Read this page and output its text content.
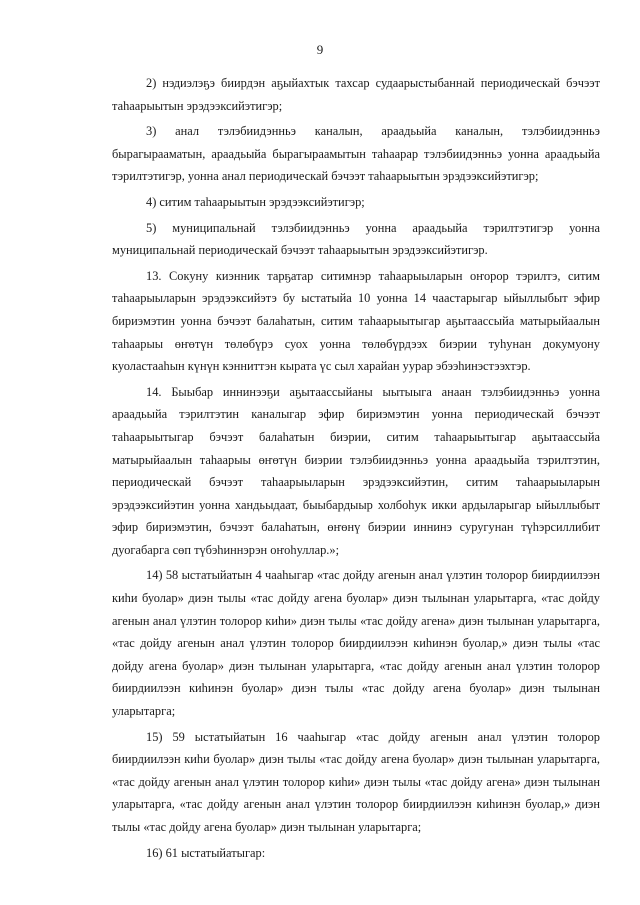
9

2) нэдиэлэҕэ биирдэн аҕыйахтык тахсар судаарыстыбаннай периодическай бэчээт таһаарыытын эрэдээксийэтигэр;

3) анал тэлэбиидэнньэ каналын, араадьыйа каналын, тэлэбиидэнньэ бырагырааматын, араадьыйа бырагыраамытын таһаарар тэлэбиидэнньэ уонна араадьыйа тэрилтэтигэр, уонна анал периодическай бэчээт таһаарыытын эрэдээксийэтигэр;

4) ситим таһаарыытын эрэдээксийэтигэр;

5) муниципальнай тэлэбиидэнньэ уонна араадьыйа тэрилтэтигэр уонна муниципальнай периодическай бэчээт таһаарыытын эрэдээксийэтигэр.

13. Сокуну киэнник тарҕатар ситимнэр таһаарыыларын оҥорор тэрилтэ, ситим таһаарыыларын эрэдээксийэтэ бу ыстатыйа 10 уонна 14 чаастарыгар ыйыллыбыт эфир бириэмэтин уонна бэчээт балаһатын, ситим таһаарыытыгар аҕытаассыйа матырыйаалын таһаарыы өҥөтүн төлөбүрэ суох уонна төлөбүрдээх биэрии туһунан докумуону куоластааһын күнүн кэнниттэн кырата үс сыл харайан уурар эбээһинэстээхтэр.

14. Быыбар иннинээҕи аҕытаассыйаны ыытыыга анаан тэлэбиидэнньэ уонна араадьыйа тэрилтэтин каналыгар эфир бириэмэтин уонна периодическай бэчээт таһаарыытыгар бэчээт балаһатын биэрии, ситим таһаарыытыгар аҕытаассыйа матырыйаалын таһаарыы өҥөтүн биэрии тэлэбиидэнньэ уонна араадьыйа тэрилтэтин, периодическай бэчээт таһаарыыларын эрэдээксийэтин, ситим таһаарыыларын эрэдээксийэтин уонна хандьыдаат, быыбардыыр холбоһук икки ардыларыгар ыйыллыбыт эфир бириэмэтин, бэчээт балаһатын, өҥөнү биэрии иннинэ суругунан түһэрсиллибит дуогабарга сөп түбэһиннэрэн оҥоһуллар.»;

14) 58 ыстатыйатын 4 чааһыгар «тас дойду агенын анал үлэтин толорор биирдиилээн киһи буолар» диэн тылы «тас дойду агена буолар» диэн тылынан уларытарга, «тас дойду агенын анал үлэтин толорор киһи» диэн тылы «тас дойду агена» диэн тылынан уларытарга, «тас дойду агенын анал үлэтин толорор биирдиилээн киһинэн буолар,» диэн тылы «тас дойду агена буолар» диэн тылынан уларытарга, «тас дойду агенын анал үлэтин толорор биирдиилээн киһинэн буолар» диэн тылы «тас дойду агена буолар» диэн тылынан уларытарга;

15) 59 ыстатыйатын 16 чааһыгар «тас дойду агенын анал үлэтин толорор биирдиилээн киһи буолар» диэн тылы «тас дойду агена буолар» диэн тылынан уларытарга, «тас дойду агенын анал үлэтин толорор киһи» диэн тылы «тас дойду агена» диэн тылынан уларытарга, «тас дойду агенын анал үлэтин толорор биирдиилээн киһинэн буолар,» диэн тылы «тас дойду агена буолар» диэн тылынан уларытарга;

16) 61 ыстатыйатыгар:
